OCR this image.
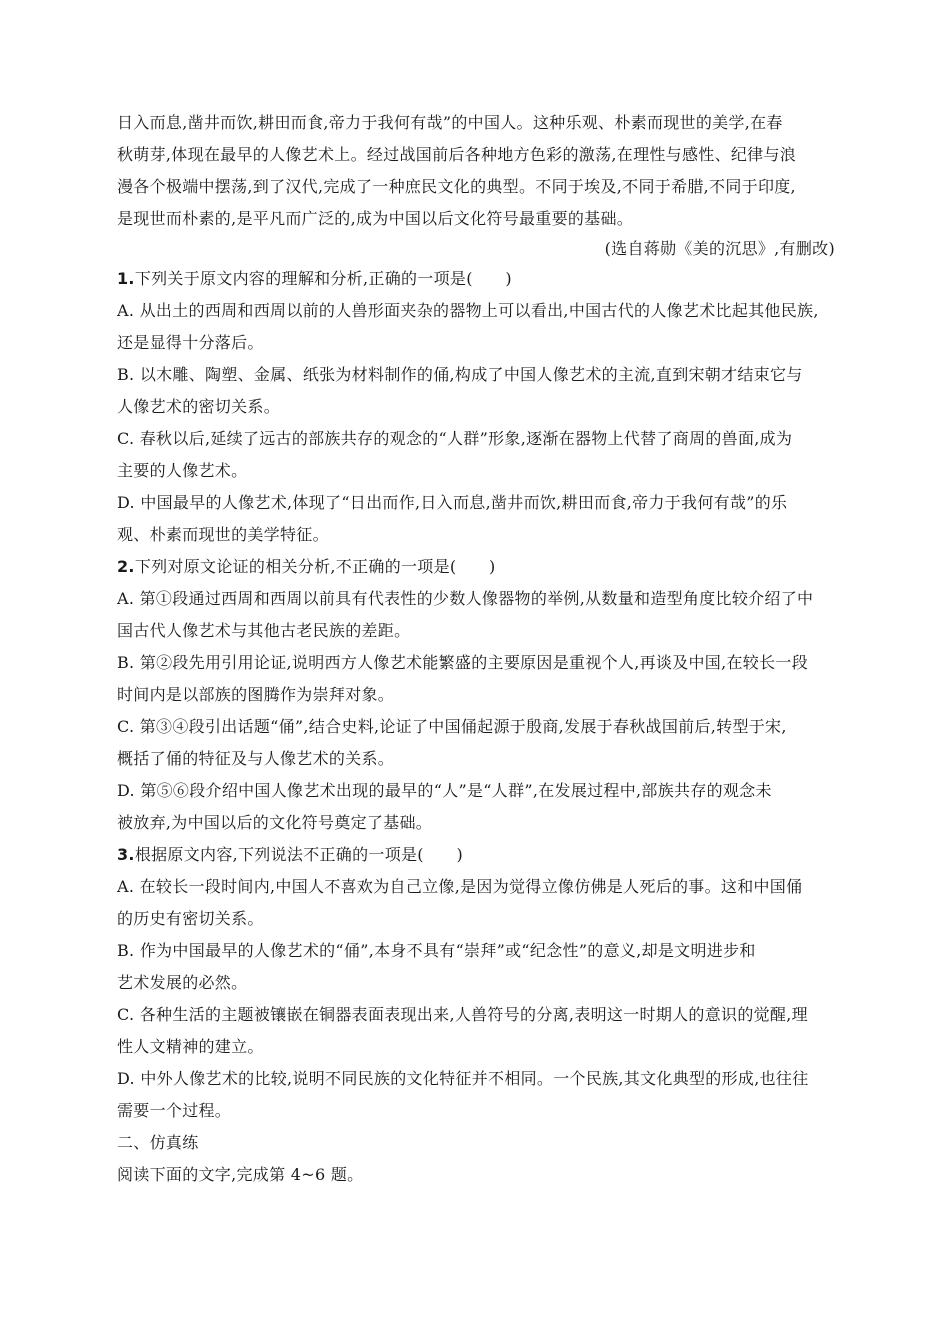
日入而息,凿井而饮,耕田而食,帝力于我何有哉”的中国人。这种乐观、朴素而现世的美学,在春
秋萌芽,体现在最早的人像艺术上。经过战国前后各种地方色彩的激荡,在理性与感性、纪律与浪
漫各个极端中摆荡,到了汉代,完成了一种庶民文化的典型。不同于埃及,不同于希腊,不同于印度,
是现世而朴素的,是平凡而广泛的,成为中国以后文化符号最重要的基础。
(选自蒋勋《美的沉思》,有删改)
1.下列关于原文内容的理解和分析,正确的一项是(　　)
A. 从出土的西周和西周以前的人兽形面夹杂的器物上可以看出,中国古代的人像艺术比起其他民族,
还是显得十分落后。
B. 以木雕、陶塑、金属、纸张为材料制作的俑,构成了中国人像艺术的主流,直到宋朝才结束它与
人像艺术的密切关系。
C. 春秋以后,延续了远古的部族共存的观念的“人群”形象,逐渐在器物上代替了商周的兽面,成为
主要的人像艺术。
D. 中国最早的人像艺术,体现了“日出而作,日入而息,凿井而饮,耕田而食,帝力于我何有哉”的乐
观、朴素而现世的美学特征。
2.下列对原文论证的相关分析,不正确的一项是(　　)
A. 第①段通过西周和西周以前具有代表性的少数人像器物的举例,从数量和造型角度比较介绍了中
国古代人像艺术与其他古老民族的差距。
B. 第②段先用引用论证,说明西方人像艺术能繁盛的主要原因是重视个人,再谈及中国,在较长一段
时间内是以部族的图腾作为崇拜对象。
C. 第③④段引出话题“俑”,结合史料,论证了中国俑起源于殷商,发展于春秋战国前后,转型于宋,
概括了俑的特征及与人像艺术的关系。
D. 第⑤⑥段介绍中国人像艺术出现的最早的“人”是“人群”,在发展过程中,部族共存的观念未
被放弃,为中国以后的文化符号奠定了基础。
3.根据原文内容,下列说法不正确的一项是(　　)
A. 在较长一段时间内,中国人不喜欢为自己立像,是因为觉得立像仿佛是人死后的事。这和中国俑
的历史有密切关系。
B. 作为中国最早的人像艺术的“俑”,本身不具有“崇拜”或“纪念性”的意义,却是文明进步和
艺术发展的必然。
C. 各种生活的主题被镶嵌在铜器表面表现出来,人兽符号的分离,表明这一时期人的意识的觉醒,理
性人文精神的建立。
D. 中外人像艺术的比较,说明不同民族的文化特征并不相同。一个民族,其文化典型的形成,也往往
需要一个过程。
二、仿真练
阅读下面的文字,完成第 4~6 题。
